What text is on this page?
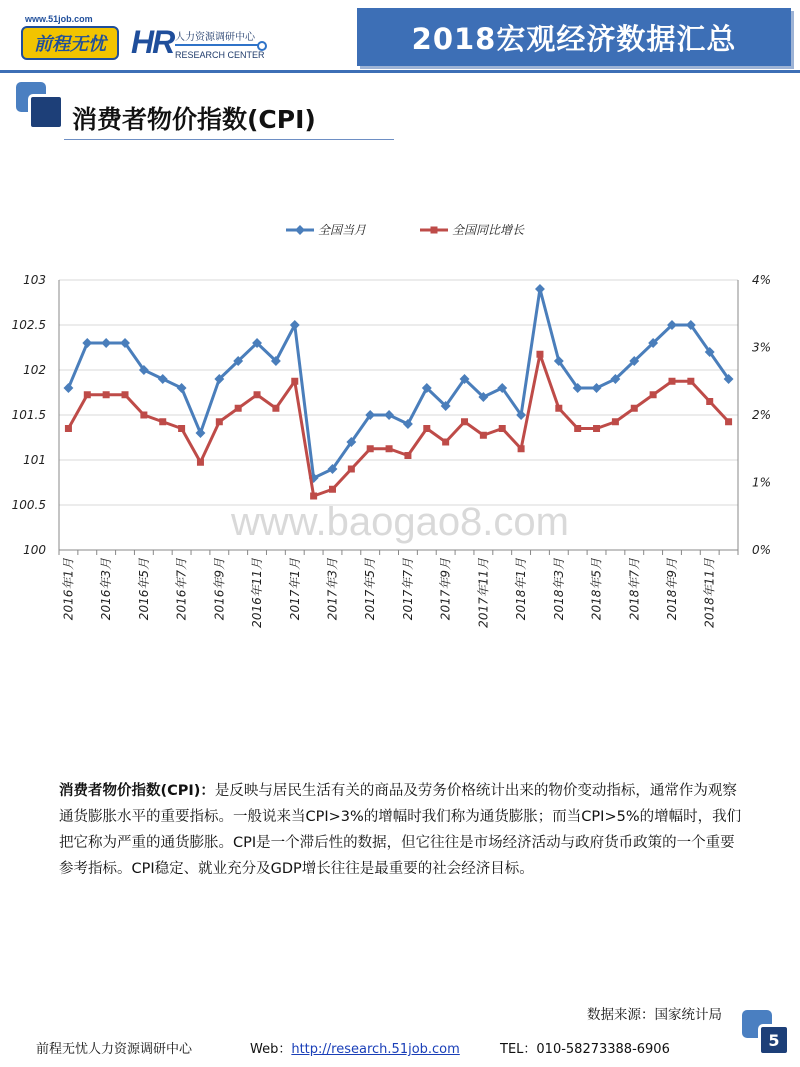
www.51job.com
前程无忧 HR 人力资源调研中心
RESEARCH CENTER	2018宏观经济数据汇总
消费者物价指数(CPI)
www.baogao8.com
100
100.5
101
101.5
102
102.5
103
0%
1%
2%
3%
4%
2016年1月 2016年3月 2016年5月 2016年7月 2016年9月 2016年11月 2017年1月 2017年3月 2017年5月 2017年7月 2017年9月 2017年11月 2018年1月 2018年3月 2018年5月 2018年7月 2018年9月 2018年11月
全国当月	全国同比增长
消费者物价指数(CPI)：是反映与居民生活有关的商品及劳务价格统计出来的物价变动指标，通常作为观察通货膨胀水平的重要指标。一般说来当CPI>3%的增幅时我们称为通货膨胀；而当CPI>5%的增幅时，我们把它称为严重的通货膨胀。CPI是一个滞后性的数据，但它往往是市场经济活动与政府货币政策的一个重要参考指标。CPI稳定、就业充分及GDP增长往往是最重要的社会经济目标。
数据来源：国家统计局
5
前程无忧人力资源调研中心	Web：http://research.51job.com	TEL：010-58273388-6906
